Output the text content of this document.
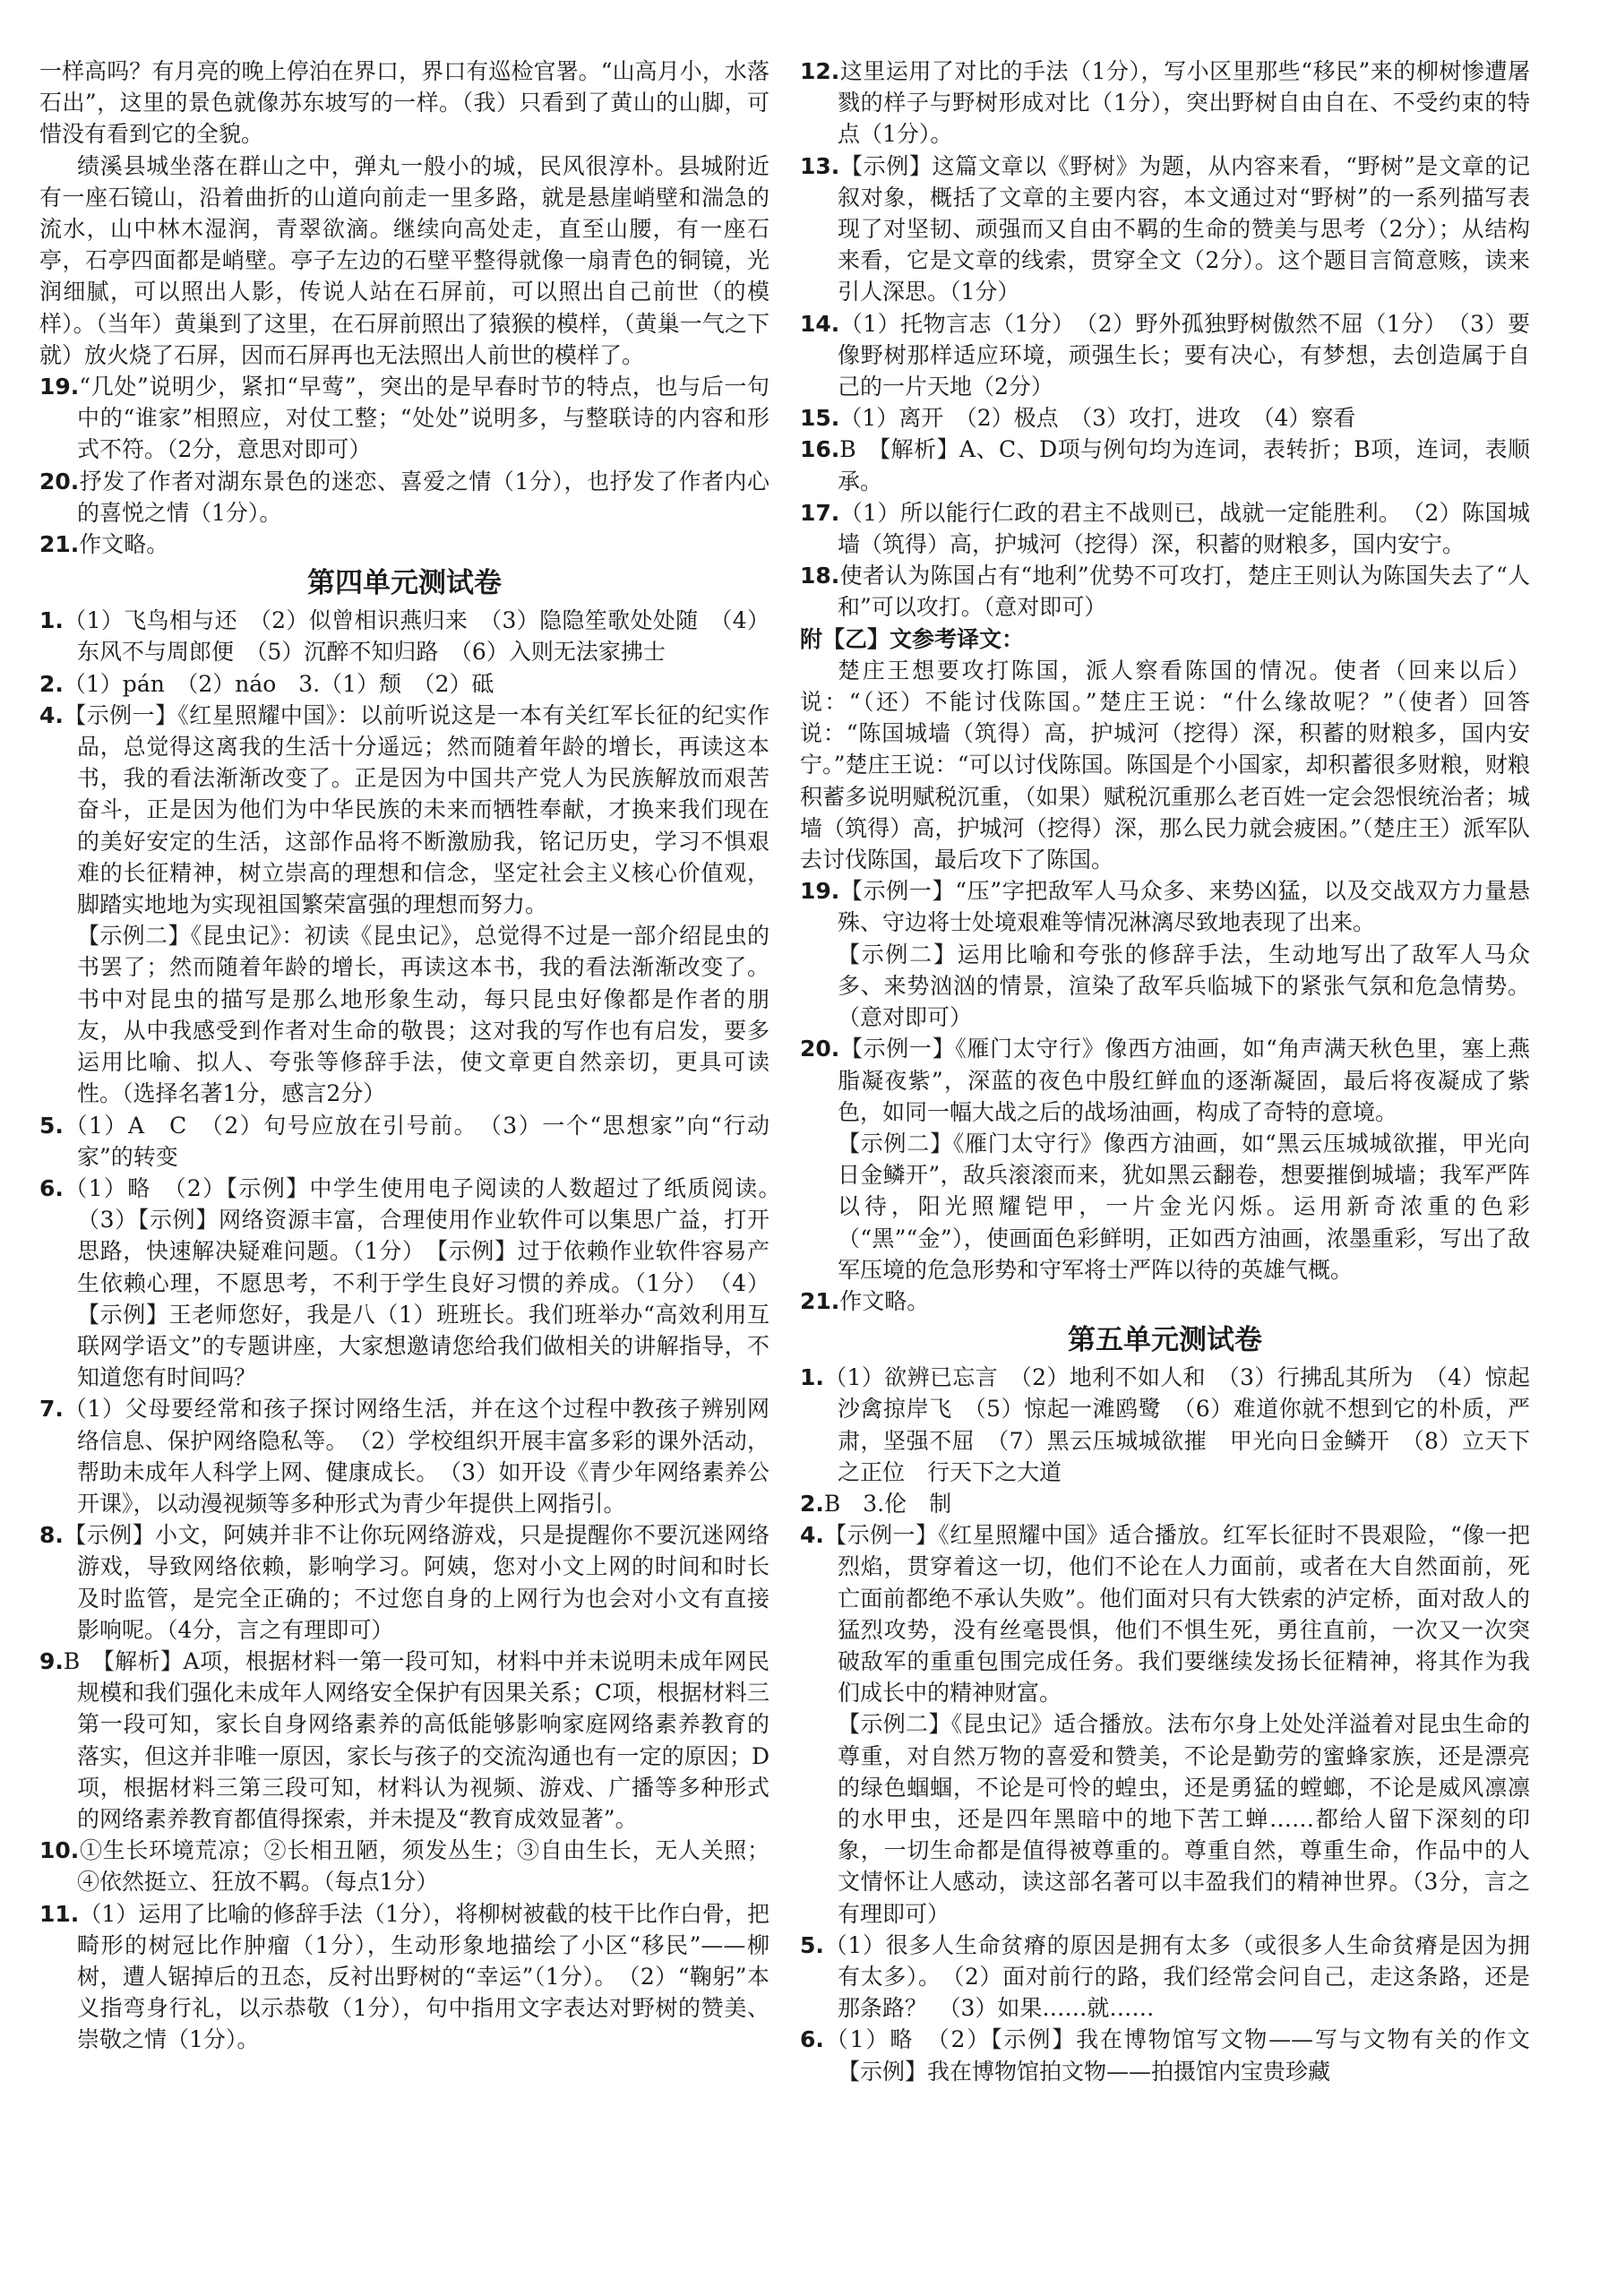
一样高吗？有月亮的晚上停泊在界口，界口有巡检官署。“山高月小，水落石出”，这里的景色就像苏东坡写的一样。（我）只看到了黄山的山脚，可惜没有看到它的全貌。

绩溪县城坐落在群山之中，弹丸一般小的城，民风很淳朴。县城附近有一座石镜山，沿着曲折的山道向前走一里多路，就是悬崖峭壁和湍急的流水，山中林木湿润，青翠欲滴。继续向高处走，直至山腰，有一座石亭，石亭四面都是峭壁。亭子左边的石壁平整得就像一扇青色的铜镜，光润细腻，可以照出人影，传说人站在石屏前，可以照出自己前世（的模样）。（当年）黄巢到了这里，在石屏前照出了猿猴的模样，（黄巢一气之下就）放火烧了石屏，因而石屏再也无法照出人前世的模样了。

19.“几处”说明少，紧扣“早莺”，突出的是早春时节的特点，也与后一句中的“谁家”相照应，对仗工整；“处处”说明多，与整联诗的内容和形式不符。（2分，意思对即可）

20.抒发了作者对湖东景色的迷恋、喜爱之情（1分），也抒发了作者内心的喜悦之情（1分）。

21.作文略。

第四单元测试卷

1.（1）飞鸟相与还　（2）似曾相识燕归来　（3）隐隐笙歌处处随　（4）东风不与周郎便　（5）沉醉不知归路　（6）入则无法家拂士

2.（1）pán　（2）náo　3.（1）颓　（2）砥

4.【示例一】《红星照耀中国》：以前听说这是一本有关红军长征的纪实作品，总觉得这离我的生活十分遥远；然而随着年龄的增长，再读这本书，我的看法渐渐改变了。正是因为中国共产党人为民族解放而艰苦奋斗，正是因为他们为中华民族的未来而牺牲奉献，才换来我们现在的美好安定的生活，这部作品将不断激励我，铭记历史，学习不惧艰难的长征精神，树立崇高的理想和信念，坚定社会主义核心价值观，脚踏实地地为实现祖国繁荣富强的理想而努力。

【示例二】《昆虫记》：初读《昆虫记》，总觉得不过是一部介绍昆虫的书罢了；然而随着年龄的增长，再读这本书，我的看法渐渐改变了。书中对昆虫的描写是那么地形象生动，每只昆虫好像都是作者的朋友，从中我感受到作者对生命的敬畏；这对我的写作也有启发，要多运用比喻、拟人、夸张等修辞手法，使文章更自然亲切，更具可读性。（选择名著1分，感言2分）

5.（1）A　C　（2）句号应放在引号前。　（3）一个“思想家”向“行动家”的转变

6.（1）略　（2）【示例】中学生使用电子阅读的人数超过了纸质阅读。　（3）【示例】网络资源丰富，合理使用作业软件可以集思广益，打开思路，快速解决疑难问题。（1分）　【示例】过于依赖作业软件容易产生依赖心理，不愿思考，不利于学生良好习惯的养成。（1分）　（4）【示例】王老师您好，我是八（1）班班长。我们班举办“高效利用互联网学语文”的专题讲座，大家想邀请您给我们做相关的讲解指导，不知道您有时间吗？

7.（1）父母要经常和孩子探讨网络生活，并在这个过程中教孩子辨别网络信息、保护网络隐私等。　（2）学校组织开展丰富多彩的课外活动，帮助未成年人科学上网、健康成长。　（3）如开设《青少年网络素养公开课》，以动漫视频等多种形式为青少年提供上网指引。

8.【示例】小文，阿姨并非不让你玩网络游戏，只是提醒你不要沉迷网络游戏，导致网络依赖，影响学习。阿姨，您对小文上网的时间和时长及时监管，是完全正确的；不过您自身的上网行为也会对小文有直接影响呢。（4分，言之有理即可）

9.B　【解析】A项，根据材料一第一段可知，材料中并未说明未成年网民规模和我们强化未成年人网络安全保护有因果关系；C项，根据材料三第一段可知，家长自身网络素养的高低能够影响家庭网络素养教育的落实，但这并非唯一原因，家长与孩子的交流沟通也有一定的原因；D项，根据材料三第三段可知，材料认为视频、游戏、广播等多种形式的网络素养教育都值得探索，并未提及“教育成效显著”。

10.①生长环境荒凉；②长相丑陋，须发丛生；③自由生长，无人关照；④依然挺立、狂放不羁。（每点1分）

11.（1）运用了比喻的修辞手法（1分），将柳树被截的枝干比作白骨，把畸形的树冠比作肿瘤（1分），生动形象地描绘了小区“移民”——柳树，遭人锯掉后的丑态，反衬出野树的“幸运”（1分）。　（2）“鞠躬”本义指弯身行礼，以示恭敬（1分），句中指用文字表达对野树的赞美、崇敬之情（1分）。

12.这里运用了对比的手法（1分），写小区里那些“移民”来的柳树惨遭屠戮的样子与野树形成对比（1分），突出野树自由自在、不受约束的特点（1分）。

13.【示例】这篇文章以《野树》为题，从内容来看，“野树”是文章的记叙对象，概括了文章的主要内容，本文通过对“野树”的一系列描写表现了对坚韧、顽强而又自由不羁的生命的赞美与思考（2分）；从结构来看，它是文章的线索，贯穿全文（2分）。这个题目言简意赅，读来引人深思。（1分）

14.（1）托物言志（1分）　（2）野外孤独野树傲然不屈（1分）　（3）要像野树那样适应环境，顽强生长；要有决心，有梦想，去创造属于自己的一片天地（2分）

15.（1）离开　（2）极点　（3）攻打，进攻　（4）察看

16.B　【解析】A、C、D项与例句均为连词，表转折；B项，连词，表顺承。

17.（1）所以能行仁政的君主不战则已，战就一定能胜利。　（2）陈国城墙（筑得）高，护城河（挖得）深，积蓄的财粮多，国内安宁。

18.使者认为陈国占有“地利”优势不可攻打，楚庄王则认为陈国失去了“人和”可以攻打。（意对即可）

附【乙】文参考译文：

楚庄王想要攻打陈国，派人察看陈国的情况。使者（回来以后）说：“（还）不能讨伐陈国。”楚庄王说：“什么缘故呢？”（使者）回答说：“陈国城墙（筑得）高，护城河（挖得）深，积蓄的财粮多，国内安宁。”楚庄王说：“可以讨伐陈国。陈国是个小国家，却积蓄很多财粮，财粮积蓄多说明赋税沉重，（如果）赋税沉重那么老百姓一定会怨恨统治者；城墙（筑得）高，护城河（挖得）深，那么民力就会疲困。”（楚庄王）派军队去讨伐陈国，最后攻下了陈国。

19.【示例一】“压”字把敌军人马众多、来势凶猛，以及交战双方力量悬殊、守边将士处境艰难等情况淋漓尽致地表现了出来。

【示例二】运用比喻和夸张的修辞手法，生动地写出了敌军人马众多、来势汹汹的情景，渲染了敌军兵临城下的紧张气氛和危急情势。（意对即可）

20.【示例一】《雁门太守行》像西方油画，如“角声满天秋色里，塞上燕脂凝夜紫”，深蓝的夜色中殷红鲜血的逐渐凝固，最后将夜凝成了紫色，如同一幅大战之后的战场油画，构成了奇特的意境。

【示例二】《雁门太守行》像西方油画，如“黑云压城城欲摧，甲光向日金鳞开”，敌兵滚滚而来，犹如黑云翻卷，想要摧倒城墙；我军严阵以待，阳光照耀铠甲，一片金光闪烁。运用新奇浓重的色彩（“黑”“金”），使画面色彩鲜明，正如西方油画，浓墨重彩，写出了敌军压境的危急形势和守军将士严阵以待的英雄气概。

21.作文略。

第五单元测试卷

1.（1）欲辨已忘言　（2）地利不如人和　（3）行拂乱其所为　（4）惊起沙禽掠岸飞　（5）惊起一滩鸥鹭　（6）难道你就不想到它的朴质，严肃，坚强不屈　（7）黑云压城城欲摧　甲光向日金鳞开　（8）立天下之正位　行天下之大道

2.B　3.伦　制

4.【示例一】《红星照耀中国》适合播放。红军长征时不畏艰险，“像一把烈焰，贯穿着这一切，他们不论在人力面前，或者在大自然面前，死亡面前都绝不承认失败”。他们面对只有大铁索的泸定桥，面对敌人的猛烈攻势，没有丝毫畏惧，他们不惧生死，勇往直前，一次又一次突破敌军的重重包围完成任务。我们要继续发扬长征精神，将其作为我们成长中的精神财富。

【示例二】《昆虫记》适合播放。法布尔身上处处洋溢着对昆虫生命的尊重，对自然万物的喜爱和赞美，不论是勤劳的蜜蜂家族，还是漂亮的绿色蝈蝈，不论是可怜的蝗虫，还是勇猛的螳螂，不论是威风凛凛的水甲虫，还是四年黑暗中的地下苦工蝉……都给人留下深刻的印象，一切生命都是值得被尊重的。尊重自然，尊重生命，作品中的人文情怀让人感动，读这部名著可以丰盈我们的精神世界。（3分，言之有理即可）

5.（1）很多人生命贫瘠的原因是拥有太多（或很多人生命贫瘠是因为拥有太多）。　（2）面对前行的路，我们经常会问自己，走这条路，还是那条路？　（3）如果……就……

6.（1）略　（2）【示例】我在博物馆写文物——写与文物有关的作文　【示例】我在博物馆拍文物——拍摄馆内宝贵珍藏
